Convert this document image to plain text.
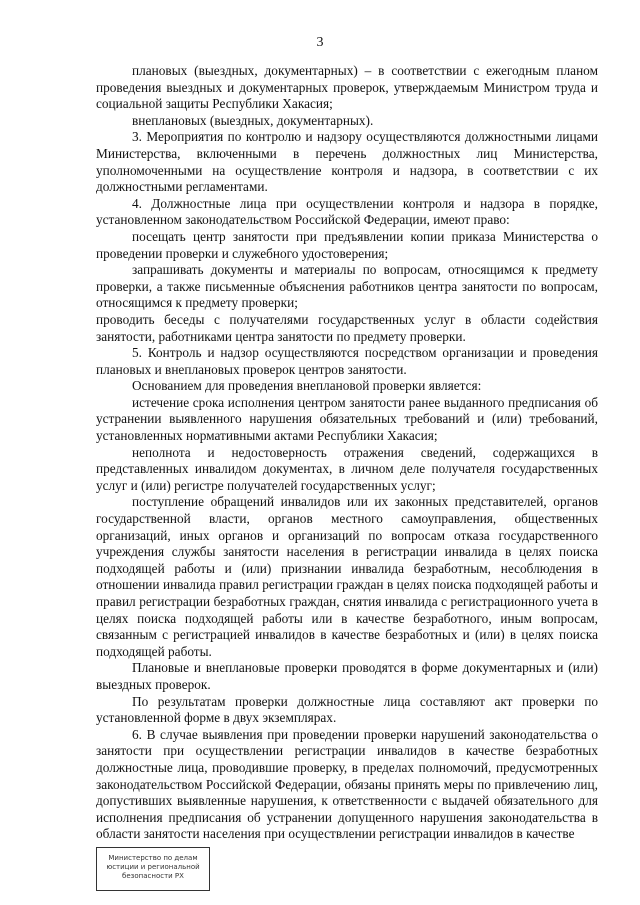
3

плановых (выездных, документарных) – в соответствии с ежегодным планом проведения выездных и документарных проверок, утверждаемым Министром труда и социальной защиты Республики Хакасия;

внеплановых (выездных, документарных).

3. Мероприятия по контролю и надзору осуществляются должностными лицами Министерства, включенными в перечень должностных лиц Министерства, уполномоченными на осуществление контроля и надзора, в соответствии с их должностными регламентами.

4. Должностные лица при осуществлении контроля и надзора в порядке, установленном законодательством Российской Федерации, имеют право:

посещать центр занятости при предъявлении копии приказа Министерства о проведении проверки и служебного удостоверения;

запрашивать документы и материалы по вопросам, относящимся к предмету проверки, а также письменные объяснения работников центра занятости по вопросам, относящимся к предмету проверки;

проводить беседы с получателями государственных услуг в области содействия занятости, работниками центра занятости по предмету проверки.

5. Контроль и надзор осуществляются посредством организации и проведения плановых и внеплановых проверок центров занятости.

Основанием для проведения внеплановой проверки является:

истечение срока исполнения центром занятости ранее выданного предписания об устранении выявленного нарушения обязательных требований и (или) требований, установленных нормативными актами Республики Хакасия;

неполнота и недостоверность отражения сведений, содержащихся в представленных инвалидом документах, в личном деле получателя государственных услуг и (или) регистре получателей государственных услуг;

поступление обращений инвалидов или их законных представителей, органов государственной власти, органов местного самоуправления, общественных организаций, иных органов и организаций по вопросам отказа государственного учреждения службы занятости населения в регистрации инвалида в целях поиска подходящей работы и (или) признании инвалида безработным, несоблюдения в отношении инвалида правил регистрации граждан в целях поиска подходящей работы и правил регистрации безработных граждан, снятия инвалида с регистрационного учета в целях поиска подходящей работы или в качестве безработного, иным вопросам, связанным с регистрацией инвалидов в качестве безработных и (или) в целях поиска подходящей работы.

Плановые и внеплановые проверки проводятся в форме документарных и (или) выездных проверок.

По результатам проверки должностные лица составляют акт проверки по установленной форме в двух экземплярах.

6. В случае выявления при проведении проверки нарушений законодательства о занятости при осуществлении регистрации инвалидов в качестве безработных должностные лица, проводившие проверку, в пределах полномочий, предусмотренных законодательством Российской Федерации, обязаны принять меры по привлечению лиц, допустивших выявленные нарушения, к ответственности с выдачей обязательного для исполнения предписания об устранении допущенного нарушения законодательства в области занятости населения при осуществлении регистрации инвалидов в качестве

Министерство по делам
юстиции и региональной
безопасности РХ
